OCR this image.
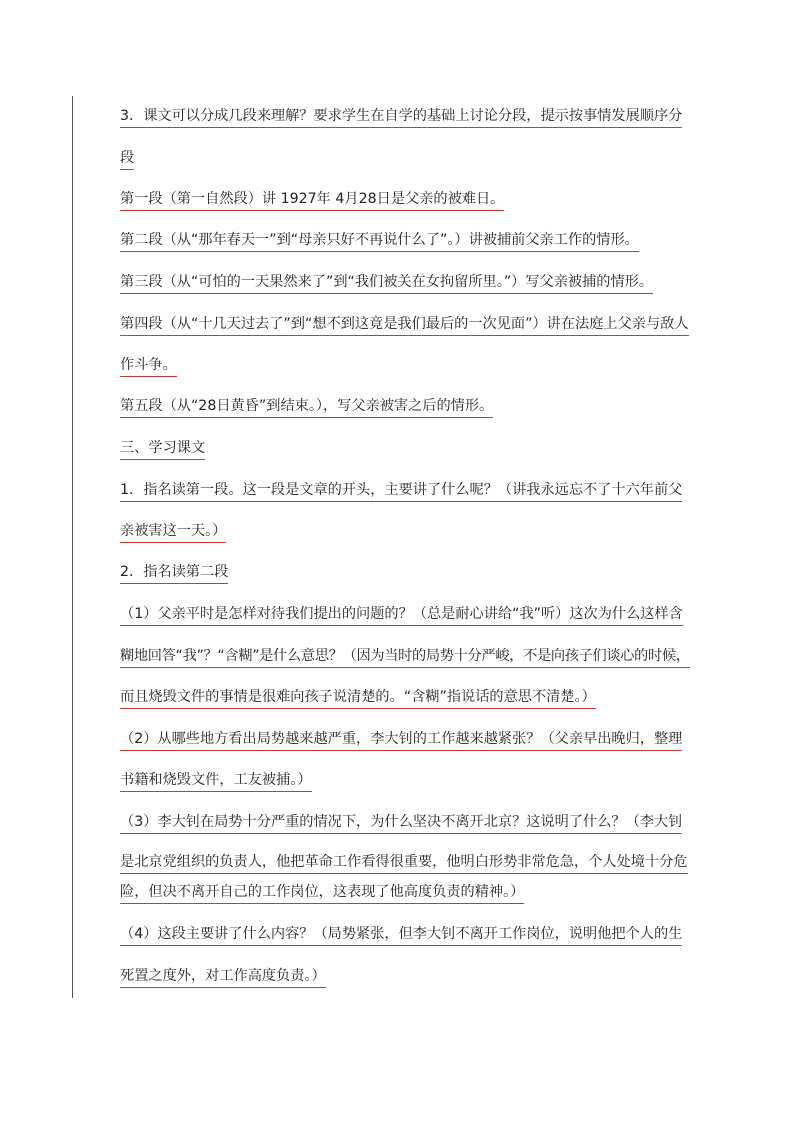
3．课文可以分成几段来理解？要求学生在自学的基础上讨论分段，提示按事情发展顺序分
段
第一段（第一自然段）讲 1927年 4月28日是父亲的被难日。
第二段（从“那年春天一”到“母亲只好不再说什么了”。）讲被捕前父亲工作的情形。
第三段（从“可怕的一天果然来了”到“我们被关在女拘留所里。”）写父亲被捕的情形。
第四段（从“十几天过去了”到“想不到这竟是我们最后的一次见面”）讲在法庭上父亲与敌人
作斗争。
第五段（从“28日黄昏”到结束。），写父亲被害之后的情形。
三、学习课文
1．指名读第一段。这一段是文章的开头，主要讲了什么呢？（讲我永远忘不了十六年前父
亲被害这一天。）
2．指名读第二段
（1）父亲平时是怎样对待我们提出的问题的？（总是耐心讲给“我”听）这次为什么这样含
糊地回答“我”？“含糊”是什么意思？（因为当时的局势十分严峻，不是向孩子们谈心的时候，
而且烧毁文件的事情是很难向孩子说清楚的。“含糊”指说话的意思不清楚。）
（2）从哪些地方看出局势越来越严重，李大钊的工作越来越紧张？（父亲早出晚归，整理
书籍和烧毁文件，工友被捕。）
（3）李大钊在局势十分严重的情况下，为什么坚决不离开北京？这说明了什么？（李大钊
是北京党组织的负责人，他把革命工作看得很重要，他明白形势非常危急，个人处境十分危
险，但决不离开自己的工作岗位，这表现了他高度负责的精神。）
（4）这段主要讲了什么内容？（局势紧张，但李大钊不离开工作岗位，说明他把个人的生
死置之度外，对工作高度负责。）
